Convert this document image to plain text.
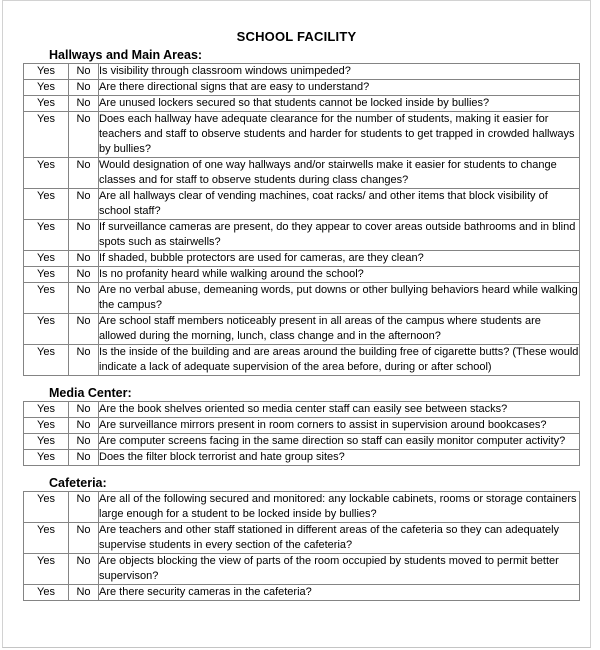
SCHOOL FACILITY
Hallways and Main Areas:
Yes	No	Is visibility through classroom windows unimpeded?
Yes	No	Are there directional signs that are easy to understand?
Yes	No	Are unused lockers secured so that students cannot be locked inside by bullies?
Yes	No	Does each hallway have adequate clearance for the number of students, making it easier for teachers and staff to observe students and harder for students to get trapped in crowded hallways by bullies?
Yes	No	Would designation of one way hallways and/or stairwells make it easier for students to change classes and for staff to observe students during class changes?
Yes	No	Are all hallways clear of vending machines, coat racks/ and other items that block visibility of school staff?
Yes	No	If surveillance cameras are present, do they appear to cover areas outside bathrooms and in blind spots such as stairwells?
Yes	No	If shaded, bubble protectors are used for cameras, are they clean?
Yes	No	Is no profanity heard while walking around the school?
Yes	No	Are no verbal abuse, demeaning words, put downs or other bullying behaviors heard while walking the campus?
Yes	No	Are school staff members noticeably present in all areas of the campus where students are allowed during the morning, lunch, class change and in the afternoon?
Yes	No	Is the inside of the building and are areas around the building free of cigarette butts? (These would indicate a lack of adequate supervision of the area before, during or after school)
Media Center:
Yes	No	Are the book shelves oriented so media center staff can easily see between stacks?
Yes	No	Are surveillance mirrors present in room corners to assist in supervision around bookcases?
Yes	No	Are computer screens facing in the same direction so staff can easily monitor computer activity?
Yes	No	Does the filter block terrorist and hate group sites?
Cafeteria:
Yes	No	Are all of the following secured and monitored: any lockable cabinets, rooms or storage containers large enough for a student to be locked inside by bullies?
Yes	No	Are teachers and other staff stationed in different areas of the cafeteria so they can adequately supervise students in every section of the cafeteria?
Yes	No	Are objects blocking the view of parts of the room occupied by students moved to permit better supervison?
Yes	No	Are there security cameras in the cafeteria?
